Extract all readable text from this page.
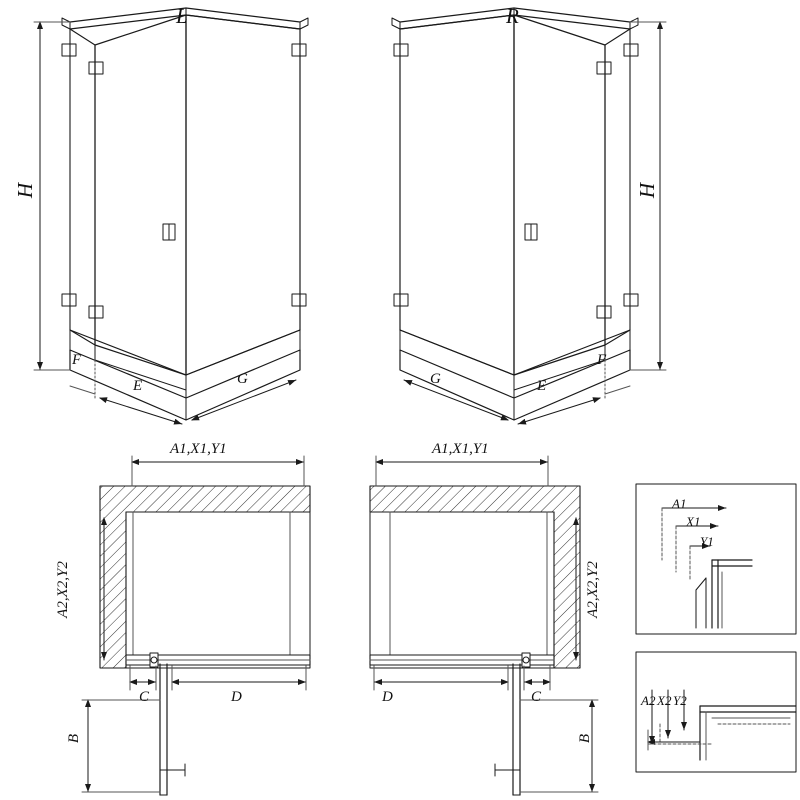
L	R
H	H
F
E	G	G	E
F
A1,X1,Y1
A2,X2,Y2
C	D
B
A1,X1,Y1
A2,X2,Y2
D	C
B
A1
X1
Y1
A2 X2 Y2
